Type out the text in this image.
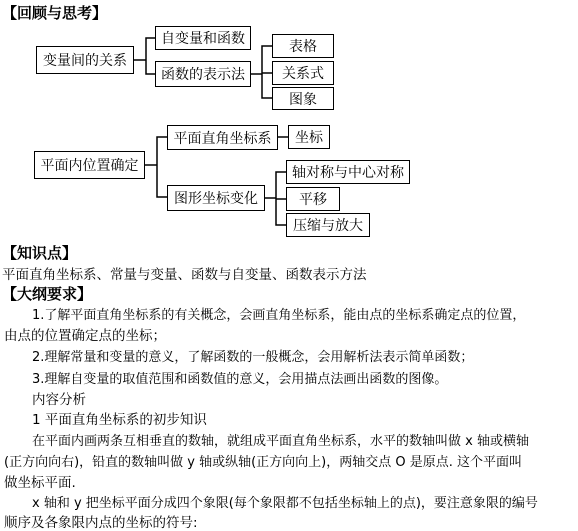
【回顾与思考】
变量间的关系
自变量和函数
函数的表示法
表格
关系式
图象
平面内位置确定
平面直角坐标系
图形坐标变化
坐标
轴对称与中心对称
平移
压缩与放大
【知识点】
平面直角坐标系、常量与变量、函数与自变量、函数表示方法
【大纲要求】
1.了解平面直角坐标系的有关概念，会画直角坐标系，能由点的坐标系确定点的位置，
由点的位置确定点的坐标；
2.理解常量和变量的意义，了解函数的一般概念，会用解析法表示简单函数；
3.理解自变量的取值范围和函数值的意义，会用描点法画出函数的图像。
内容分析
1 平面直角坐标系的初步知识
在平面内画两条互相垂直的数轴，就组成平面直角坐标系，水平的数轴叫做 x 轴或横轴
(正方向向右)，铅直的数轴叫做 y 轴或纵轴(正方向向上)，两轴交点 O 是原点. 这个平面叫
做坐标平面.
x 轴和 y 把坐标平面分成四个象限(每个象限都不包括坐标轴上的点)，要注意象限的编号
顺序及各象限内点的坐标的符号:
